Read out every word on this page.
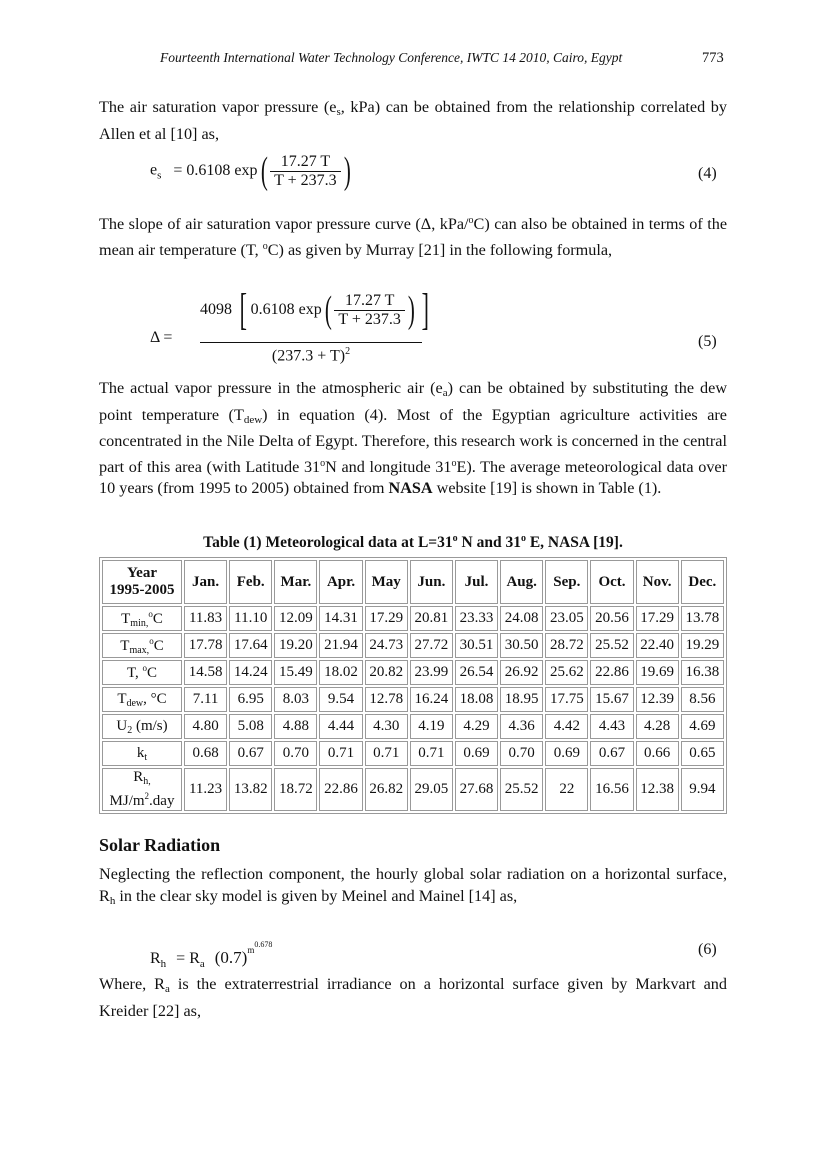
Fourteenth International Water Technology Conference, IWTC 14 2010, Cairo, Egypt	773
The air saturation vapor pressure ($e_s$, kPa) can be obtained from the relationship correlated by Allen et al [10] as,
$e_s = 0.6108$ $\exp( \frac{17.27 T}{T + 237.3}$ )	(4)
The slope of air saturation vapor pressure curve (Δ, kPa/$^o$C) can also be obtained in terms of the mean air temperature (T, $^o$C) as given by Murray [21] in the following formula,
Δ =
4098 [ 0.6108 $\exp( \frac{17.27 T}{T + 237.3}$ ) ]
$(237.3 + T)^2$
(5)
The actual vapor pressure in the atmospheric air $(e_a)$ can be obtained by substituting the dew point temperature $(T_{dew})$ in equation (4). Most of the Egyptian agriculture activities are concentrated in the Nile Delta of Egypt. Therefore, this research work is concerned in the central part of this area (with Latitude 31$^o$N and longitude 31$^o$E). The average meteorological data over 10 years (from 1995 to 2005) obtained from NASA website [19] is shown in Table (1).
Table (1) Meteorological data at $L=31^o$ N and 31$^o$ E, NASA [19].
Year
1995-2005	Jan.	Feb.	Mar.	Apr.	May	Jun.	Jul.	Aug.	Sep.	Oct.	Nov.	Dec.
$T_{min,}^oC$	11.83	11.10	12.09	14.31	17.29	20.81	23.33	24.08	23.05	20.56	17.29	13.78
$T_{max,}^oC$	17.78	17.64	19.20	21.94	24.73	27.72	30.51	30.50	28.72	25.52	22.40	19.29
T, $^o$C	14.58	14.24	15.49	18.02	20.82	23.99	26.54	26.92	25.62	22.86	19.69	16.38
$T_{dew}$, °C	7.11	6.95	8.03	9.54	12.78	16.24	18.08	18.95	17.75	15.67	12.39	8.56
$U_2$ (m/s)	4.80	5.08	4.88	4.44	4.30	4.19	4.29	4.36	4.42	4.43	4.28	4.69
$k_t$	0.68	0.67	0.70	0.71	0.71	0.71	0.69	0.70	0.69	0.67	0.66	0.65
$R_{h,}$
$MJ/m^2.day$	11.23	13.82	18.72	22.86	26.82	29.05	27.68	25.52	22	16.56	12.38	9.94
Solar Radiation
Neglecting the reflection component, the hourly global solar radiation on a horizontal surface, $R_h$ in the clear sky model is given by Meinel and Mainel [14] as,
$R_h = R_a$ $(0.7)^{m0.678}$	(6)
Where, $R_a$ is the extraterrestrial irradiance on a horizontal surface given by Markvart and Kreider [22] as,
